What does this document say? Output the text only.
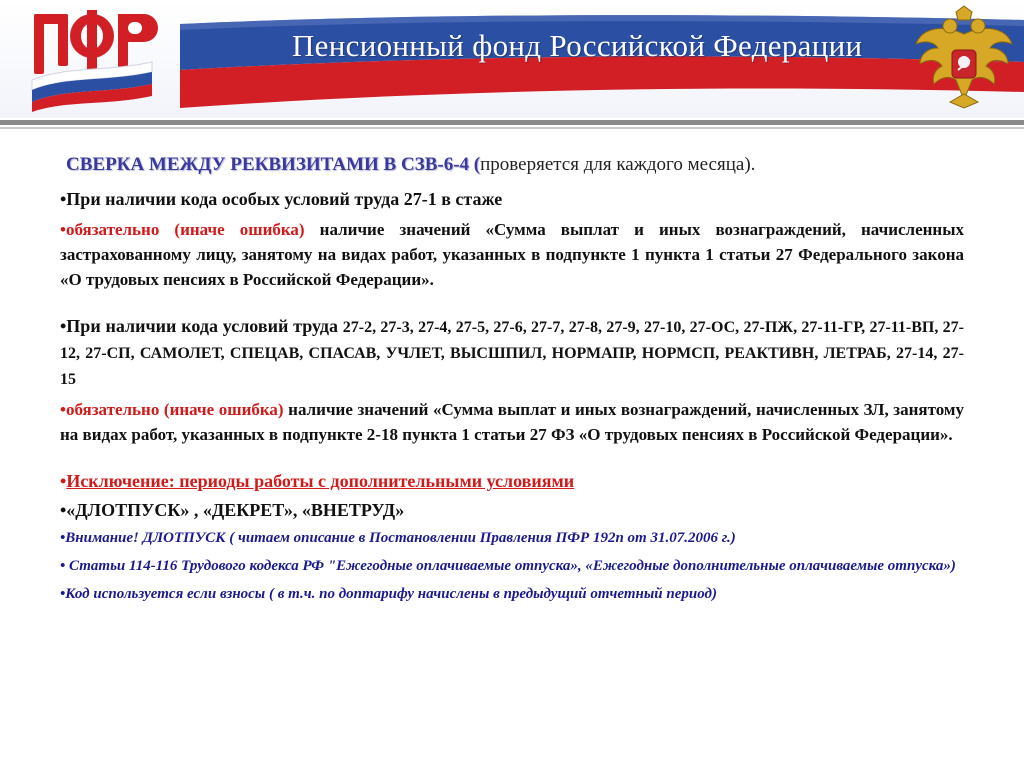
Пенсионный фонд Российской Федерации

СВЕРКА МЕЖДУ РЕКВИЗИТАМИ В СЗВ-6-4 (проверяется для каждого месяца).

•При наличии кода особых условий труда 27-1 в стаже

•обязательно (иначе ошибка) наличие значений «Сумма выплат и иных вознаграждений, начисленных застрахованному лицу, занятому на видах работ, указанных в подпункте 1 пункта 1 статьи 27 Федерального закона «О трудовых пенсиях в Российской Федерации».

•При наличии кода условий труда 27-2, 27-3, 27-4, 27-5, 27-6, 27-7, 27-8, 27-9, 27-10, 27-ОС, 27-ПЖ, 27-11-ГР, 27-11-ВП, 27-12, 27-СП, САМОЛЕТ, СПЕЦАВ, СПАСАВ, УЧЛЕТ, ВЫСШПИЛ, НОРМАПР, НОРМСП, РЕАКТИВН, ЛЕТРАБ, 27-14, 27-15

•обязательно (иначе ошибка) наличие значений «Сумма выплат и иных вознаграждений, начисленных ЗЛ, занятому на видах работ, указанных в подпункте 2-18 пункта 1 статьи 27 ФЗ «О трудовых пенсиях в Российской Федерации».

•Исключение: периоды работы с дополнительными условиями

•«ДЛОТПУСК» , «ДЕКРЕТ», «ВНЕТРУД»

•Внимание! ДЛОТПУСК ( читаем описание в Постановлении Правления ПФР 192п от 31.07.2006 г.)

• Статьи 114-116 Трудового кодекса РФ "Ежегодные оплачиваемые отпуска», «Ежегодные дополнительные оплачиваемые отпуска»)

•Код используется если взносы ( в т.ч. по доптарифу начислены в предыдущий отчетный период)
